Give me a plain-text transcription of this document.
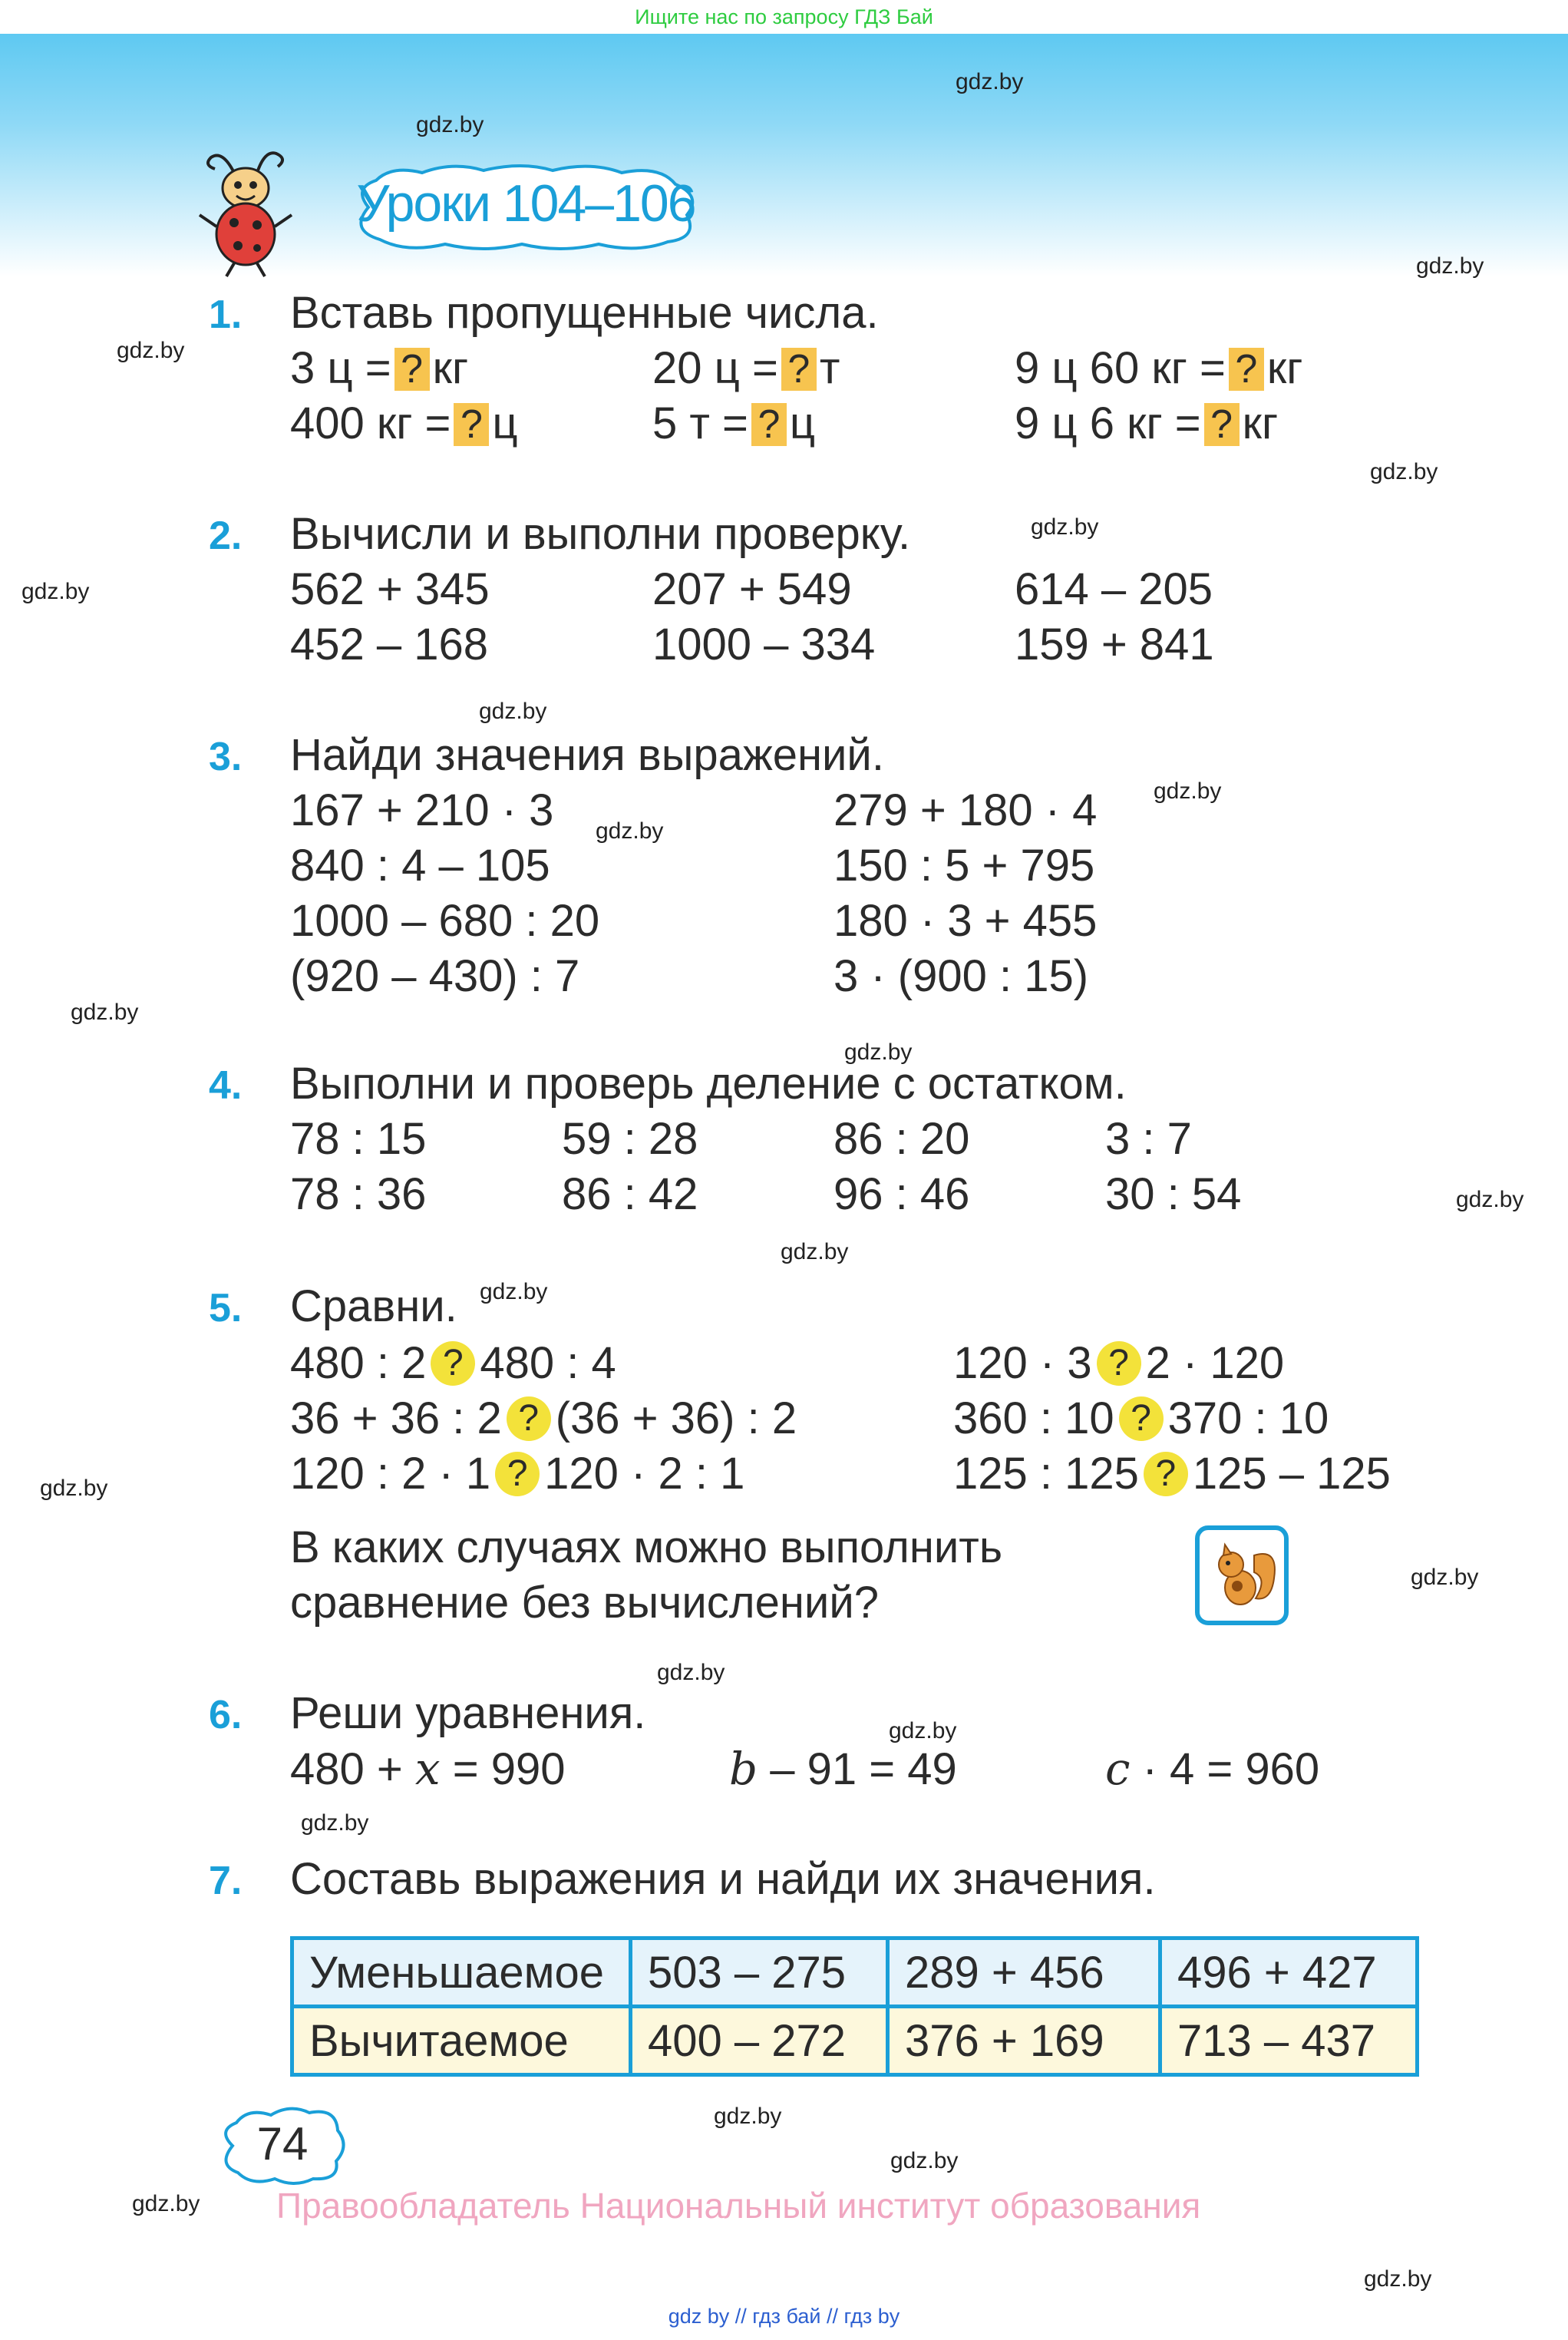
Ищите нас по запросу ГДЗ Бай
gdz.by
gdz.by
gdz.by
gdz.by
gdz.by
gdz.by
gdz.by
gdz.by
gdz.by
gdz.by
gdz.by
gdz.by
gdz.by
gdz.by
gdz.by
gdz.by
gdz.by
gdz.by
gdz.by
gdz.by
gdz.by
gdz.by
gdz.by
gdz.by
Уроки 104–106
1. Вставь пропущенные числа.
3 ц = ? кг	20 ц = ? т	9 ц 60 кг = ? кг
400 кг = ? ц	5 т = ? ц	9 ц 6 кг = ? кг
2. Вычисли и выполни проверку.
562 + 345	207 + 549	614 – 205
452 – 168	1000 – 334	159 + 841
3. Найди значения выражений.
167 + 210 · 3	279 + 180 · 4
840 : 4 – 105	150 : 5 + 795
1000 – 680 : 20	180 · 3 + 455
(920 – 430) : 7	3 · (900 : 15)
4. Выполни и проверь деление с остатком.
78 : 15	59 : 28	86 : 20	3 : 7
78 : 36	86 : 42	96 : 46	30 : 54
5. Сравни.
480 : 2 ? 480 : 4	120 · 3 ? 2 · 120
36 + 36 : 2 ? (36 + 36) : 2	360 : 10 ? 370 : 10
120 : 2 · 1 ? 120 · 2 : 1	125 : 125 ? 125 – 125
В каких случаях можно выполнить
сравнение без вычислений?
6. Реши уравнения.
480 + x = 990	b – 91 = 49	c · 4 = 960
7. Составь выражения и найди их значения.
Уменьшаемое	503 – 275	289 + 456	496 + 427
Вычитаемое	400 – 272	376 + 169	713 – 437
74
Правообладатель Национальный институт образования
gdz by // гдз бай // гдз by
